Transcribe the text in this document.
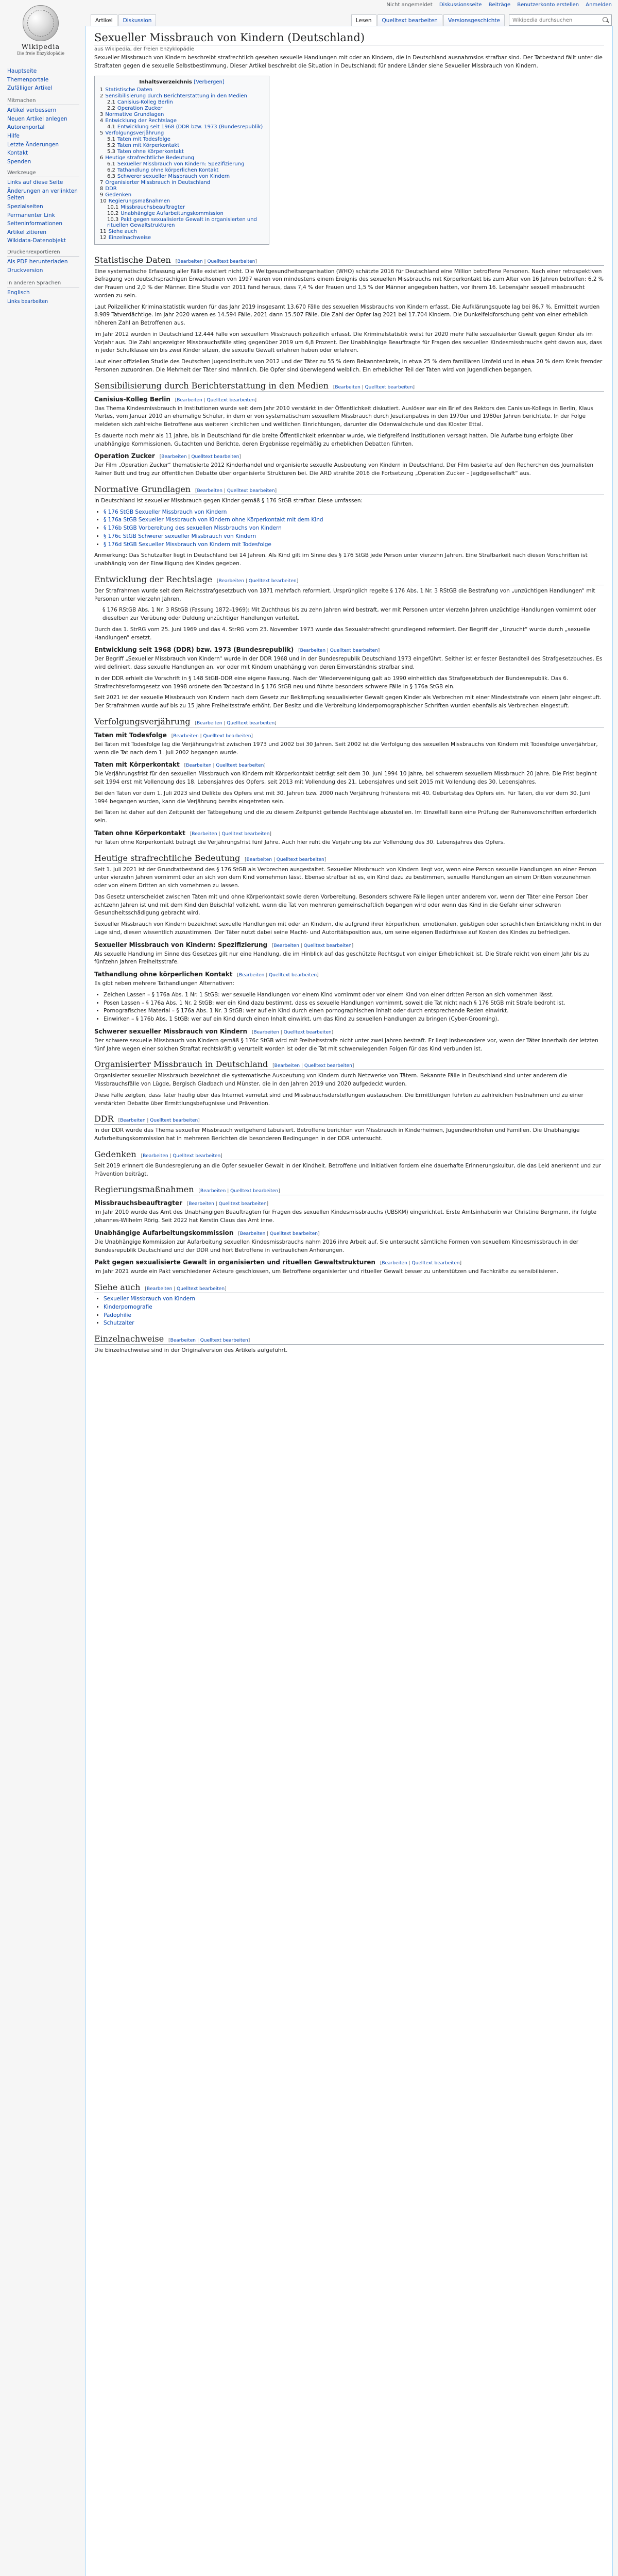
Wikipedia
Die freie Enzyklopädie
Hauptseite
Themenportale
Zufälliger Artikel
Mitmachen
Artikel verbessern
Neuen Artikel anlegen
Autorenportal
Hilfe
Letzte Änderungen
Kontakt
Spenden
Werkzeuge
Links auf diese Seite
Änderungen an verlinkten Seiten
Spezialseiten
Permanenter Link
Seiteninformationen
Artikel zitieren
Wikidata-Datenobjekt
Drucken/exportieren
Als PDF herunterladen
Druckversion
In anderen Sprachen
Englisch
Links bearbeiten
Nicht angemeldet Diskussionsseite Beiträge Benutzerkonto erstellen Anmelden
Artikel	Diskussion	Lesen	Quelltext bearbeiten	Versionsgeschichte
Wikipedia durchsuchen
Sexueller Missbrauch von Kindern (Deutschland)
aus Wikipedia, der freien Enzyklopädie
Sexueller Missbrauch von Kindern beschreibt strafrechtlich gesehen sexuelle Handlungen mit oder an Kindern, die in Deutschland ausnahmslos strafbar sind. Der Tatbestand fällt unter die Straftaten gegen die sexuelle Selbstbestimmung. Dieser Artikel beschreibt die Situation in Deutschland; für andere Länder siehe Sexueller Missbrauch von Kindern.
Inhaltsverzeichnis [Verbergen]
1 Statistische Daten
2 Sensibilisierung durch Berichterstattung in den Medien
2.1 Canisius-Kolleg Berlin
2.2 Operation Zucker
3 Normative Grundlagen
4 Entwicklung der Rechtslage
4.1 Entwicklung seit 1968 (DDR bzw. 1973 (Bundesrepublik)
5 Verfolgungsverjährung
5.1 Taten mit Todesfolge
5.2 Taten mit Körperkontakt
5.3 Taten ohne Körperkontakt
6 Heutige strafrechtliche Bedeutung
6.1 Sexueller Missbrauch von Kindern: Spezifizierung
6.2 Tathandlung ohne körperlichen Kontakt
6.3 Schwerer sexueller Missbrauch von Kindern
7 Organisierter Missbrauch in Deutschland
8 DDR
9 Gedenken
10 Regierungsmaßnahmen
10.1 Missbrauchsbeauftragter
10.2 Unabhängige Aufarbeitungskommission
10.3 Pakt gegen sexualisierte Gewalt in organisierten und rituellen Gewaltstrukturen
11 Siehe auch
12 Einzelnachweise
Statistische Daten [Bearbeiten | Quelltext bearbeiten]

Eine systematische Erfassung aller Fälle existiert nicht. Die Weltgesundheitsorganisation (WHO) schätzte 2016 für Deutschland eine Million betroffene Personen. Nach einer retrospektiven Befragung von deutschsprachigen Erwachsenen von 1997 waren von mindestens einem Ereignis des sexuellen Missbrauchs mit Körperkontakt bis zum Alter von 16 Jahren betroffen: 6,2 % der Frauen und 2,0 % der Männer. Eine Studie von 2011 fand heraus, dass 7,4 % der Frauen und 1,5 % der Männer angegeben hatten, vor ihrem 16. Lebensjahr sexuell missbraucht worden zu sein.

Laut Polizeilicher Kriminalstatistik wurden für das Jahr 2019 insgesamt 13.670 Fälle des sexuellen Missbrauchs von Kindern erfasst. Die Aufklärungsquote lag bei 86,7 %. Ermittelt wurden 8.989 Tatverdächtige. Im Jahr 2020 waren es 14.594 Fälle, 2021 dann 15.507 Fälle. Die Zahl der Opfer lag 2021 bei 17.704 Kindern. Die Dunkelfeldforschung geht von einer erheblich höheren Zahl an Betroffenen aus.

Im Jahr 2012 wurden in Deutschland 12.444 Fälle von sexuellem Missbrauch polizeilich erfasst. Die Kriminalstatistik weist für 2020 mehr Fälle sexualisierter Gewalt gegen Kinder als im Vorjahr aus. Die Zahl angezeigter Missbrauchsfälle stieg gegenüber 2019 um 6,8 Prozent. Der Unabhängige Beauftragte für Fragen des sexuellen Kindesmissbrauchs geht davon aus, dass in jeder Schulklasse ein bis zwei Kinder sitzen, die sexuelle Gewalt erfahren haben oder erfahren.

Laut einer offiziellen Studie des Deutschen Jugendinstituts von 2012 und der Täter zu 55 % dem Bekanntenkreis, in etwa 25 % dem familiären Umfeld und in etwa 20 % dem Kreis fremder Personen zuzuordnen. Die Mehrheit der Täter sind männlich. Die Opfer sind überwiegend weiblich. Ein erheblicher Teil der Taten wird von Jugendlichen begangen.

Sensibilisierung durch Berichterstattung in den Medien [Bearbeiten | Quelltext bearbeiten]
Canisius-Kolleg Berlin [Bearbeiten | Quelltext bearbeiten]

Das Thema Kindesmissbrauch in Institutionen wurde seit dem Jahr 2010 verstärkt in der Öffentlichkeit diskutiert. Auslöser war ein Brief des Rektors des Canisius-Kollegs in Berlin, Klaus Mertes, vom Januar 2010 an ehemalige Schüler, in dem er von systematischem sexuellem Missbrauch durch Jesuitenpatres in den 1970er und 1980er Jahren berichtete. In der Folge meldeten sich zahlreiche Betroffene aus weiteren kirchlichen und weltlichen Einrichtungen, darunter die Odenwaldschule und das Kloster Ettal.

Es dauerte noch mehr als 11 Jahre, bis in Deutschland für die breite Öffentlichkeit erkennbar wurde, wie tiefgreifend Institutionen versagt hatten. Die Aufarbeitung erfolgte über unabhängige Kommissionen, Gutachten und Berichte, deren Ergebnisse regelmäßig zu erheblichen Debatten führten.

Operation Zucker [Bearbeiten | Quelltext bearbeiten]

Der Film „Operation Zucker“ thematisierte 2012 Kinderhandel und organisierte sexuelle Ausbeutung von Kindern in Deutschland. Der Film basierte auf den Recherchen des Journalisten Rainer Butt und trug zur öffentlichen Debatte über organisierte Strukturen bei. Die ARD strahlte 2016 die Fortsetzung „Operation Zucker – Jagdgesellschaft“ aus.

Normative Grundlagen [Bearbeiten | Quelltext bearbeiten]

In Deutschland ist sexueller Missbrauch gegen Kinder gemäß § 176 StGB strafbar. Diese umfassen:

• § 176 StGB Sexueller Missbrauch von Kindern
• § 176a StGB Sexueller Missbrauch von Kindern ohne Körperkontakt mit dem Kind
• § 176b StGB Vorbereitung des sexuellen Missbrauchs von Kindern
• § 176c StGB Schwerer sexueller Missbrauch von Kindern
• § 176d StGB Sexueller Missbrauch von Kindern mit Todesfolge

Anmerkung: Das Schutzalter liegt in Deutschland bei 14 Jahren. Als Kind gilt im Sinne des § 176 StGB jede Person unter vierzehn Jahren. Eine Strafbarkeit nach diesen Vorschriften ist unabhängig von der Einwilligung des Kindes gegeben.

Entwicklung der Rechtslage [Bearbeiten | Quelltext bearbeiten]

Der Strafrahmen wurde seit dem Reichsstrafgesetzbuch von 1871 mehrfach reformiert. Ursprünglich regelte § 176 Abs. 1 Nr. 3 RStGB die Bestrafung von „unzüchtigen Handlungen“ mit Personen unter vierzehn Jahren.

§ 176 RStGB Abs. 1 Nr. 3 RStGB (Fassung 1872–1969): Mit Zuchthaus bis zu zehn Jahren wird bestraft, wer mit Personen unter vierzehn Jahren unzüchtige Handlungen vornimmt oder dieselben zur Verübung oder Duldung unzüchtiger Handlungen verleitet.

Durch das 1. StrRG vom 25. Juni 1969 und das 4. StrRG vom 23. November 1973 wurde das Sexualstrafrecht grundlegend reformiert. Der Begriff der „Unzucht“ wurde durch „sexuelle Handlungen“ ersetzt.

Entwicklung seit 1968 (DDR) bzw. 1973 (Bundesrepublik) [Bearbeiten | Quelltext bearbeiten]

Der Begriff „Sexueller Missbrauch von Kindern“ wurde in der DDR 1968 und in der Bundesrepublik Deutschland 1973 eingeführt. Seither ist er fester Bestandteil des Strafgesetzbuches. Es wird definiert, dass sexuelle Handlungen an, vor oder mit Kindern unabhängig von deren Einverständnis strafbar sind.

In der DDR erhielt die Vorschrift in § 148 StGB-DDR eine eigene Fassung. Nach der Wiedervereinigung galt ab 1990 einheitlich das Strafgesetzbuch der Bundesrepublik. Das 6. Strafrechtsreformgesetz von 1998 ordnete den Tatbestand in § 176 StGB neu und führte besonders schwere Fälle in § 176a StGB ein.

Seit 2021 ist der sexuelle Missbrauch von Kindern nach dem Gesetz zur Bekämpfung sexualisierter Gewalt gegen Kinder als Verbrechen mit einer Mindeststrafe von einem Jahr eingestuft. Der Strafrahmen wurde auf bis zu 15 Jahre Freiheitsstrafe erhöht. Der Besitz und die Verbreitung kinderpornographischer Schriften wurden ebenfalls als Verbrechen eingestuft.

Verfolgungsverjährung [Bearbeiten | Quelltext bearbeiten]
Taten mit Todesfolge [Bearbeiten | Quelltext bearbeiten]

Bei Taten mit Todesfolge lag die Verjährungsfrist zwischen 1973 und 2002 bei 30 Jahren. Seit 2002 ist die Verfolgung des sexuellen Missbrauchs von Kindern mit Todesfolge unverjährbar, wenn die Tat nach dem 1. Juli 2002 begangen wurde.

Taten mit Körperkontakt [Bearbeiten | Quelltext bearbeiten]

Die Verjährungsfrist für den sexuellen Missbrauch von Kindern mit Körperkontakt beträgt seit dem 30. Juni 1994 10 Jahre, bei schwerem sexuellem Missbrauch 20 Jahre. Die Frist beginnt seit 1994 erst mit Vollendung des 18. Lebensjahres des Opfers, seit 2013 mit Vollendung des 21. Lebensjahres und seit 2015 mit Vollendung des 30. Lebensjahres.

Bei den Taten vor dem 1. Juli 2023 sind Delikte des Opfers erst mit 30. Jahren bzw. 2000 nach Verjährung frühestens mit 40. Geburtstag des Opfers ein. Für Taten, die vor dem 30. Juni 1994 begangen wurden, kann die Verjährung bereits eingetreten sein.

Bei Taten ist daher auf den Zeitpunkt der Tatbegehung und die zu diesem Zeitpunkt geltende Rechtslage abzustellen. Im Einzelfall kann eine Prüfung der Ruhensvorschriften erforderlich sein.

Taten ohne Körperkontakt [Bearbeiten | Quelltext bearbeiten]

Für Taten ohne Körperkontakt beträgt die Verjährungsfrist fünf Jahre. Auch hier ruht die Verjährung bis zur Vollendung des 30. Lebensjahres des Opfers.

Heutige strafrechtliche Bedeutung [Bearbeiten | Quelltext bearbeiten]

Seit 1. Juli 2021 ist der Grundtatbestand des § 176 StGB als Verbrechen ausgestaltet. Sexueller Missbrauch von Kindern liegt vor, wenn eine Person sexuelle Handlungen an einer Person unter vierzehn Jahren vornimmt oder an sich von dem Kind vornehmen lässt. Ebenso strafbar ist es, ein Kind dazu zu bestimmen, sexuelle Handlungen an einem Dritten vorzunehmen oder von einem Dritten an sich vornehmen zu lassen.

Das Gesetz unterscheidet zwischen Taten mit und ohne Körperkontakt sowie deren Vorbereitung. Besonders schwere Fälle liegen unter anderem vor, wenn der Täter eine Person über achtzehn Jahren ist und mit dem Kind den Beischlaf vollzieht, wenn die Tat von mehreren gemeinschaftlich begangen wird oder wenn das Kind in die Gefahr einer schweren Gesundheitsschädigung gebracht wird.

Sexueller Missbrauch von Kindern bezeichnet sexuelle Handlungen mit oder an Kindern, die aufgrund ihrer körperlichen, emotionalen, geistigen oder sprachlichen Entwicklung nicht in der Lage sind, diesen wissentlich zuzustimmen. Der Täter nutzt dabei seine Macht- und Autoritätsposition aus, um seine eigenen Bedürfnisse auf Kosten des Kindes zu befriedigen.

Sexueller Missbrauch von Kindern: Spezifizierung [Bearbeiten | Quelltext bearbeiten]

Als sexuelle Handlung im Sinne des Gesetzes gilt nur eine Handlung, die im Hinblick auf das geschützte Rechtsgut von einiger Erheblichkeit ist. Die Strafe reicht von einem Jahr bis zu fünfzehn Jahren Freiheitsstrafe.

Tathandlung ohne körperlichen Kontakt [Bearbeiten | Quelltext bearbeiten]

Es gibt neben mehrere Tathandlungen Alternativen:

• Zeichen Lassen – § 176a Abs. 1 Nr. 1 StGB: wer sexuelle Handlungen vor einem Kind vornimmt oder vor einem Kind von einer dritten Person an sich vornehmen lässt.
• Posen Lassen – § 176a Abs. 1 Nr. 2 StGB: wer ein Kind dazu bestimmt, dass es sexuelle Handlungen vornimmt, soweit die Tat nicht nach § 176 StGB mit Strafe bedroht ist.
• Pornografisches Material – § 176a Abs. 1 Nr. 3 StGB: wer auf ein Kind durch einen pornographischen Inhalt oder durch entsprechende Reden einwirkt.
• Einwirken – § 176b Abs. 1 StGB: wer auf ein Kind durch einen Inhalt einwirkt, um das Kind zu sexuellen Handlungen zu bringen (Cyber-Grooming).
Schwerer sexueller Missbrauch von Kindern [Bearbeiten | Quelltext bearbeiten]

Der schwere sexuelle Missbrauch von Kindern gemäß § 176c StGB wird mit Freiheitsstrafe nicht unter zwei Jahren bestraft. Er liegt insbesondere vor, wenn der Täter innerhalb der letzten fünf Jahre wegen einer solchen Straftat rechtskräftig verurteilt worden ist oder die Tat mit schwerwiegenden Folgen für das Kind verbunden ist.

Organisierter Missbrauch in Deutschland [Bearbeiten | Quelltext bearbeiten]

Organisierter sexueller Missbrauch bezeichnet die systematische Ausbeutung von Kindern durch Netzwerke von Tätern. Bekannte Fälle in Deutschland sind unter anderem die Missbrauchsfälle von Lügde, Bergisch Gladbach und Münster, die in den Jahren 2019 und 2020 aufgedeckt wurden.

Diese Fälle zeigten, dass Täter häufig über das Internet vernetzt sind und Missbrauchsdarstellungen austauschen. Die Ermittlungen führten zu zahlreichen Festnahmen und zu einer verstärkten Debatte über Ermittlungsbefugnisse und Prävention.

DDR [Bearbeiten | Quelltext bearbeiten]

In der DDR wurde das Thema sexueller Missbrauch weitgehend tabuisiert. Betroffene berichten von Missbrauch in Kinderheimen, Jugendwerkhöfen und Familien. Die Unabhängige Aufarbeitungskommission hat in mehreren Berichten die besonderen Bedingungen in der DDR untersucht.

Gedenken [Bearbeiten | Quelltext bearbeiten]

Seit 2019 erinnert die Bundesregierung an die Opfer sexueller Gewalt in der Kindheit. Betroffene und Initiativen fordern eine dauerhafte Erinnerungskultur, die das Leid anerkennt und zur Prävention beiträgt.

Regierungsmaßnahmen [Bearbeiten | Quelltext bearbeiten]
Missbrauchsbeauftragter [Bearbeiten | Quelltext bearbeiten]

Im Jahr 2010 wurde das Amt des Unabhängigen Beauftragten für Fragen des sexuellen Kindesmissbrauchs (UBSKM) eingerichtet. Erste Amtsinhaberin war Christine Bergmann, ihr folgte Johannes-Wilhelm Rörig. Seit 2022 hat Kerstin Claus das Amt inne.

Unabhängige Aufarbeitungskommission [Bearbeiten | Quelltext bearbeiten]

Die Unabhängige Kommission zur Aufarbeitung sexuellen Kindesmissbrauchs nahm 2016 ihre Arbeit auf. Sie untersucht sämtliche Formen von sexuellem Kindesmissbrauch in der Bundesrepublik Deutschland und der DDR und hört Betroffene in vertraulichen Anhörungen.

Pakt gegen sexualisierte Gewalt in organisierten und rituellen Gewaltstrukturen [Bearbeiten | Quelltext bearbeiten]

Im Jahr 2021 wurde ein Pakt verschiedener Akteure geschlossen, um Betroffene organisierter und ritueller Gewalt besser zu unterstützen und Fachkräfte zu sensibilisieren.

Siehe auch [Bearbeiten | Quelltext bearbeiten]
• Sexueller Missbrauch von Kindern
• Kinderpornografie
• Pädophilie
• Schutzalter
Einzelnachweise [Bearbeiten | Quelltext bearbeiten]

Die Einzelnachweise sind in der Originalversion des Artikels aufgeführt.
